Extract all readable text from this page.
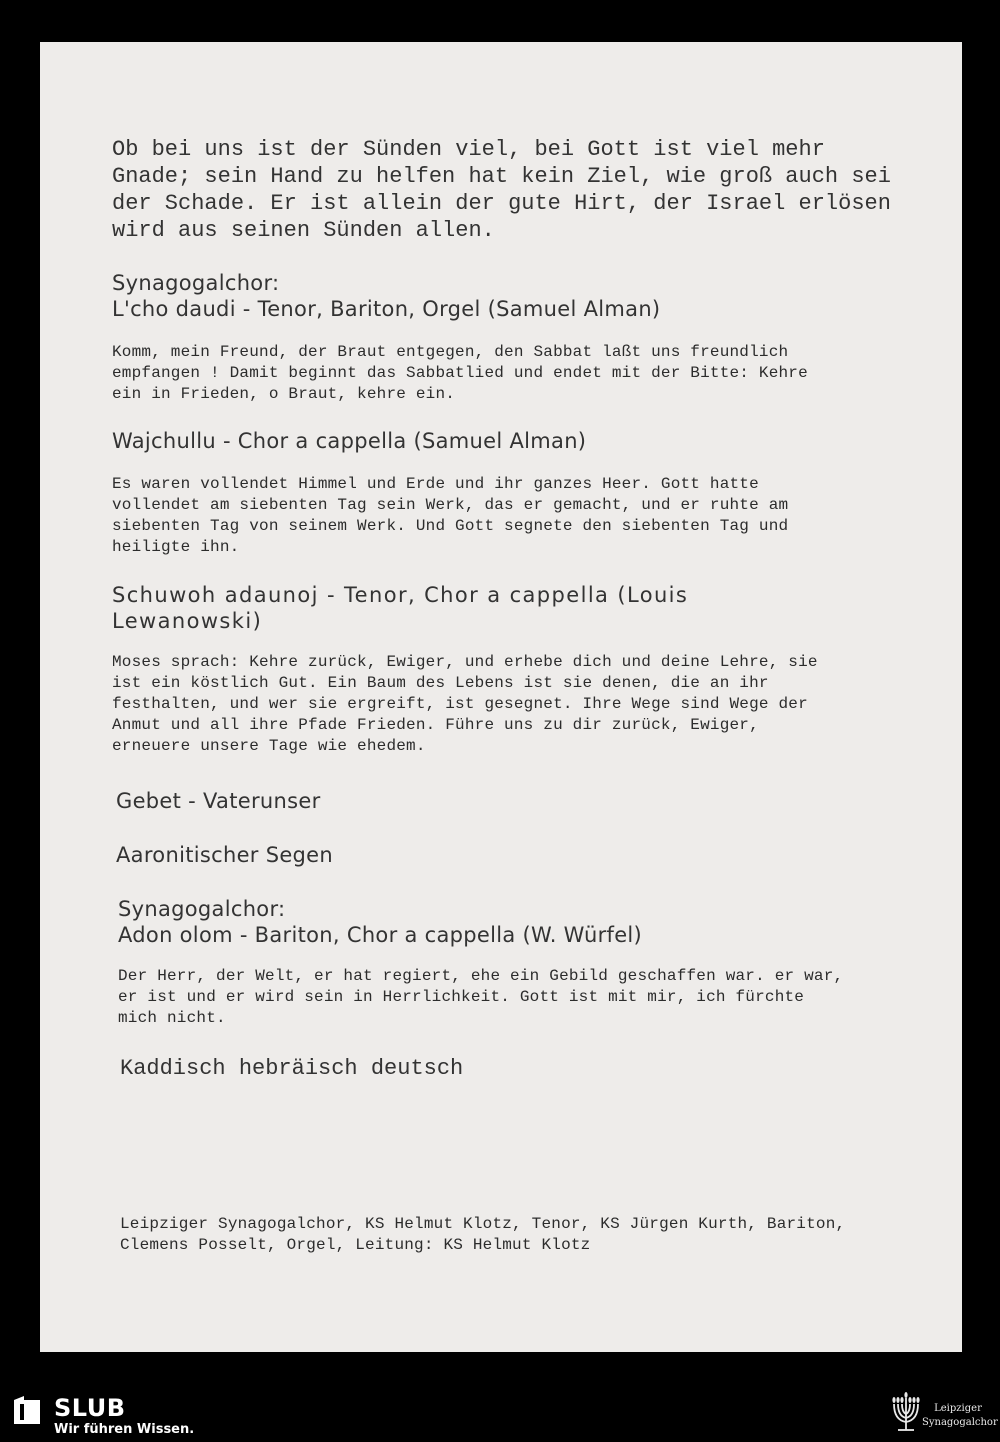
Ob bei uns ist der Sünden viel, bei Gott ist viel mehr
Gnade; sein Hand zu helfen hat kein Ziel, wie groß auch sei
der Schade. Er ist allein der gute Hirt, der Israel erlösen
wird aus seinen Sünden allen.

Synagogalchor:
L'cho daudi - Tenor, Bariton, Orgel (Samuel Alman)

Komm, mein Freund, der Braut entgegen, den Sabbat laßt uns freundlich
empfangen ! Damit beginnt das Sabbatlied und endet mit der Bitte: Kehre
ein in Frieden, o Braut, kehre ein.

Wajchullu - Chor a cappella (Samuel Alman)

Es waren vollendet Himmel und Erde und ihr ganzes Heer. Gott hatte
vollendet am siebenten Tag sein Werk, das er gemacht, und er ruhte am
siebenten Tag von seinem Werk. Und Gott segnete den siebenten Tag und
heiligte ihn.

Schuwoh adaunoj - Tenor, Chor a cappella (Louis
Lewanowski)

Moses sprach: Kehre zurück, Ewiger, und erhebe dich und deine Lehre, sie
ist ein köstlich Gut. Ein Baum des Lebens ist sie denen, die an ihr
festhalten, und wer sie ergreift, ist gesegnet. Ihre Wege sind Wege der
Anmut und all ihre Pfade Frieden. Führe uns zu dir zurück, Ewiger,
erneuere unsere Tage wie ehedem.

Gebet - Vaterunser
Aaronitischer Segen
Synagogalchor:
Adon olom - Bariton, Chor a cappella (W. Würfel)

Der Herr, der Welt, er hat regiert, ehe ein Gebild geschaffen war. er war,
er ist und er wird sein in Herrlichkeit. Gott ist mit mir, ich fürchte
mich nicht.

Kaddisch hebräisch deutsch

Leipziger Synagogalchor, KS Helmut Klotz, Tenor, KS Jürgen Kurth, Bariton,
Clemens Posselt, Orgel, Leitung: KS Helmut Klotz

SLUB
Wir führen Wissen.
Leipziger
Synagogalchor
